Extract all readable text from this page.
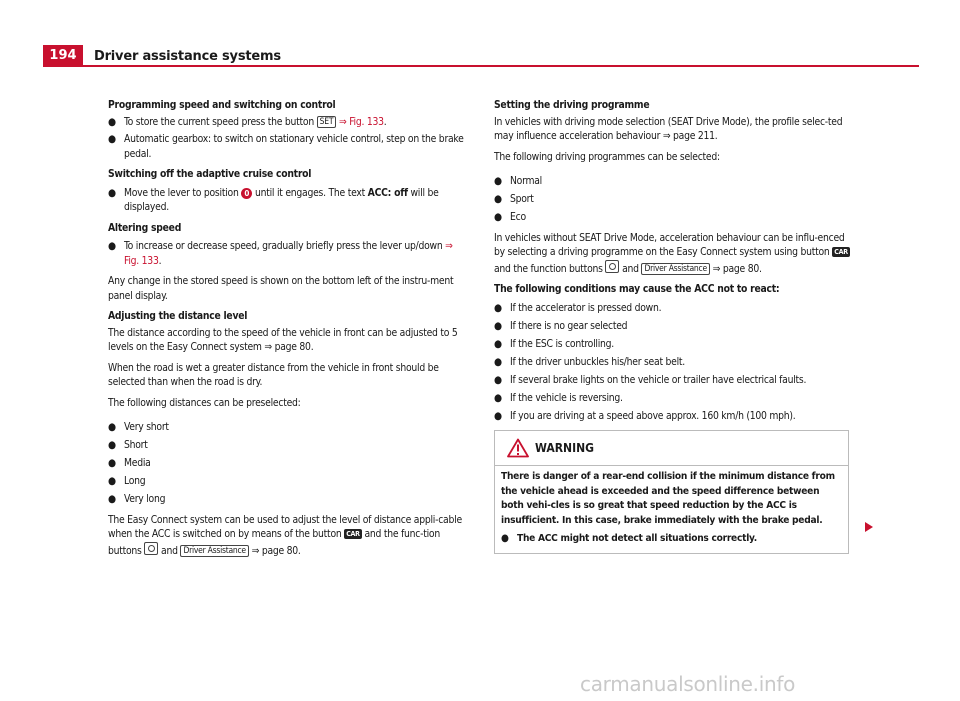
194	Driver assistance systems

Programming speed and switching on control

● To store the current speed press the button SET ⇒ Fig. 133.
● Automatic gearbox: to switch on stationary vehicle control, step on the brake pedal.

Switching off the adaptive cruise control

● Move the lever to position 0 until it engages. The text ACC: off will be displayed.

Altering speed

● To increase or decrease speed, gradually briefly press the lever up/down ⇒ Fig. 133.

Any change in the stored speed is shown on the bottom left of the instru-ment panel display.

Adjusting the distance level

The distance according to the speed of the vehicle in front can be adjusted to 5 levels on the Easy Connect system ⇒ page 80.

When the road is wet a greater distance from the vehicle in front should be selected than when the road is dry.

The following distances can be preselected:

● Very short
● Short
● Media
● Long
● Very long

The Easy Connect system can be used to adjust the level of distance appli-cable when the ACC is switched on by means of the button CAR and the func-tion buttons and Driver Assistance ⇒ page 80.

Setting the driving programme

In vehicles with driving mode selection (SEAT Drive Mode), the profile selec-ted may influence acceleration behaviour ⇒ page 211.

The following driving programmes can be selected:

● Normal
● Sport
● Eco

In vehicles without SEAT Drive Mode, acceleration behaviour can be influ-enced by selecting a driving programme on the Easy Connect system using button CAR and the function buttons and Driver Assistance ⇒ page 80.

The following conditions may cause the ACC not to react:

● If the accelerator is pressed down.
● If there is no gear selected
● If the ESC is controlling.
● If the driver unbuckles his/her seat belt.
● If several brake lights on the vehicle or trailer have electrical faults.
● If the vehicle is reversing.
● If you are driving at a speed above approx. 160 km/h (100 mph).
WARNING

There is danger of a rear-end collision if the minimum distance from the vehicle ahead is exceeded and the speed difference between both vehi-cles is so great that speed reduction by the ACC is insufficient. In this case, brake immediately with the brake pedal.

● The ACC might not detect all situations correctly.
carmanualsonline.info
